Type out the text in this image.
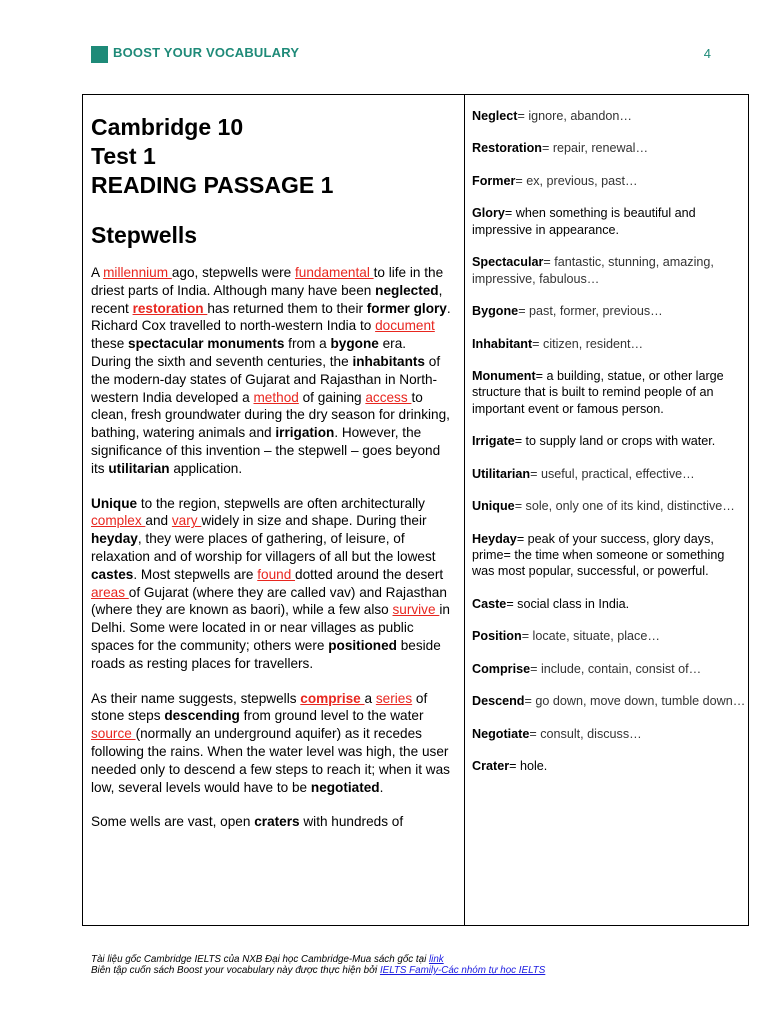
BOOST YOUR VOCABULARY	4
Cambridge 10
Test 1
READING PASSAGE 1
Stepwells

A millennium ago, stepwells were fundamental to life in the driest parts of India. Although many have been neglected, recent restoration has returned them to their former glory. Richard Cox travelled to north-western India to document these spectacular monuments from a bygone era.

During the sixth and seventh centuries, the inhabitants of the modern-day states of Gujarat and Rajasthan in North-western India developed a method of gaining access to clean, fresh groundwater during the dry season for drinking, bathing, watering animals and irrigation. However, the significance of this invention – the stepwell – goes beyond its utilitarian application.

Unique to the region, stepwells are often architecturally complex and vary widely in size and shape. During their heyday, they were places of gathering, of leisure, of relaxation and of worship for villagers of all but the lowest castes. Most stepwells are found dotted around the desert areas of Gujarat (where they are called vav) and Rajasthan (where they are known as baori), while a few also survive in Delhi. Some were located in or near villages as public spaces for the community; others were positioned beside roads as resting places for travellers.

As their name suggests, stepwells comprise a series of stone steps descending from ground level to the water source (normally an underground aquifer) as it recedes following the rains. When the water level was high, the user needed only to descend a few steps to reach it; when it was low, several levels would have to be negotiated.

Some wells are vast, open craters with hundreds of

Neglect= ignore, abandon…
Restoration= repair, renewal…
Former= ex, previous, past…
Glory= when something is beautiful and impressive in appearance.
Spectacular= fantastic, stunning, amazing, impressive, fabulous…
Bygone= past, former, previous…
Inhabitant= citizen, resident…
Monument= a building, statue, or other large structure that is built to remind people of an important event or famous person.
Irrigate= to supply land or crops with water.
Utilitarian= useful, practical, effective…
Unique= sole, only one of its kind, distinctive…
Heyday= peak of your success, glory days, prime= the time when someone or something was most popular, successful, or powerful.
Caste= social class in India.
Position= locate, situate, place…
Comprise= include, contain, consist of…
Descend= go down, move down, tumble down…
Negotiate= consult, discuss…
Crater= hole.
Tài liệu gốc Cambridge IELTS của NXB Đại học Cambridge-Mua sách gốc tại link
Biên tập cuốn sách Boost your vocabulary này được thực hiện bởi IELTS Family-Các nhóm tự học IELTS
